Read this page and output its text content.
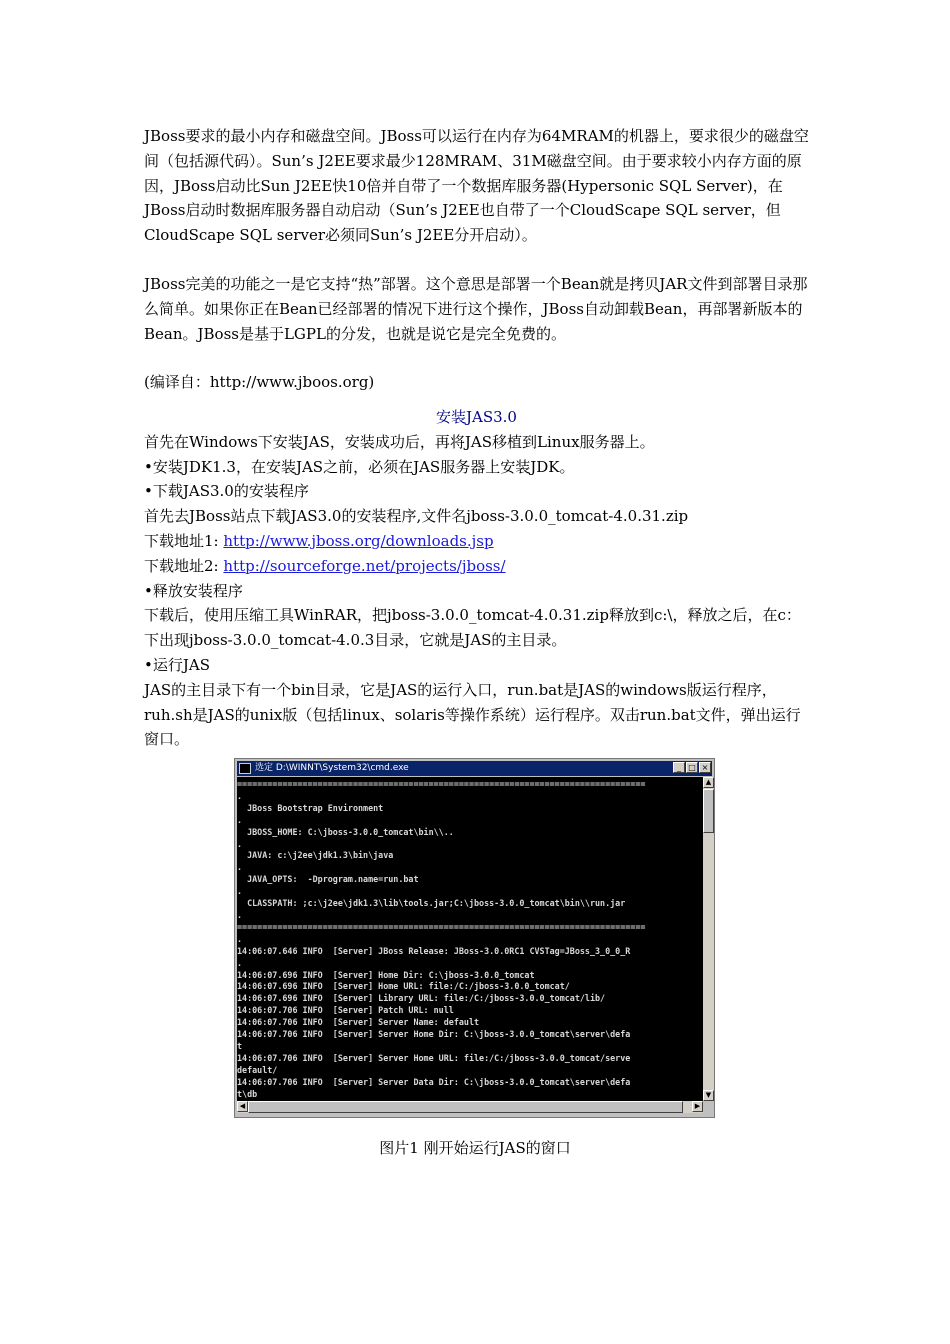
JBoss要求的最小内存和磁盘空间。JBoss可以运行在内存为64MRAM的机器上，要求很少的磁盘空间（包括源代码）。Sun’s J2EE要求最少128MRAM、31M磁盘空间。由于要求较小内存方面的原因，JBoss启动比Sun J2EE快10倍并自带了一个数据库服务器(Hypersonic SQL Server)，在JBoss启动时数据库服务器自动启动（Sun’s J2EE也自带了一个CloudScape SQL server，但CloudScape SQL server必须同Sun’s J2EE分开启动）。

JBoss完美的功能之一是它支持“热”部署。这个意思是部署一个Bean就是拷贝JAR文件到部署目录那么简单。如果你正在Bean已经部署的情况下进行这个操作，JBoss自动卸载Bean，再部署新版本的Bean。JBoss是基于LGPL的分发，也就是说它是完全免费的。

(编译自：http://www.jboos.org)

安装JAS3.0

首先在Windows下安装JAS，安装成功后，再将JAS移植到Linux服务器上。

•安装JDK1.3，在安装JAS之前，必须在JAS服务器上安装JDK。

•下载JAS3.0的安装程序

首先去JBoss站点下载JAS3.0的安装程序,文件名jboss-3.0.0_tomcat-4.0.31.zip

下载地址1: http://www.jboss.org/downloads.jsp

下载地址2: http://sourceforge.net/projects/jboss/

•释放安装程序

下载后，使用压缩工具WinRAR，把jboss-3.0.0_tomcat-4.0.31.zip释放到c:\，释放之后，在c：下出现jboss-3.0.0_tomcat-4.0.3目录，它就是JAS的主目录。

•运行JAS

JAS的主目录下有一个bin目录，它是JAS的运行入口，run.bat是JAS的windows版运行程序，ruh.sh是JAS的unix版（包括linux、solaris等操作系统）运行程序。双击run.bat文件，弹出运行窗口。

选定 D:\WINNT\System32\cmd.exe	_ □ ×
=================================================================================
.
JBoss Bootstrap Environment
.
JBOSS_HOME: C:\jboss-3.0.0_tomcat\bin\\..
.
JAVA: c:\j2ee\jdk1.3\bin\java
.
JAVA_OPTS:  -Dprogram.name=run.bat
.
CLASSPATH: ;c:\j2ee\jdk1.3\lib\tools.jar;C:\jboss-3.0.0_tomcat\bin\\run.jar
.
=================================================================================
.
14:06:07.646 INFO  [Server] JBoss Release: JBoss-3.0.0RC1 CVSTag=JBoss_3_0_0_R
.
14:06:07.696 INFO  [Server] Home Dir: C:\jboss-3.0.0_tomcat
14:06:07.696 INFO  [Server] Home URL: file:/C:/jboss-3.0.0_tomcat/
14:06:07.696 INFO  [Server] Library URL: file:/C:/jboss-3.0.0_tomcat/lib/
14:06:07.706 INFO  [Server] Patch URL: null
14:06:07.706 INFO  [Server] Server Name: default
14:06:07.706 INFO  [Server] Server Home Dir: C:\jboss-3.0.0_tomcat\server\defa
t
14:06:07.706 INFO  [Server] Server Home URL: file:/C:/jboss-3.0.0_tomcat/serve
default/
14:06:07.706 INFO  [Server] Server Data Dir: C:\jboss-3.0.0_tomcat\server\defa
t\db
▲
▼
◀	▶
图片1 刚开始运行JAS的窗口
